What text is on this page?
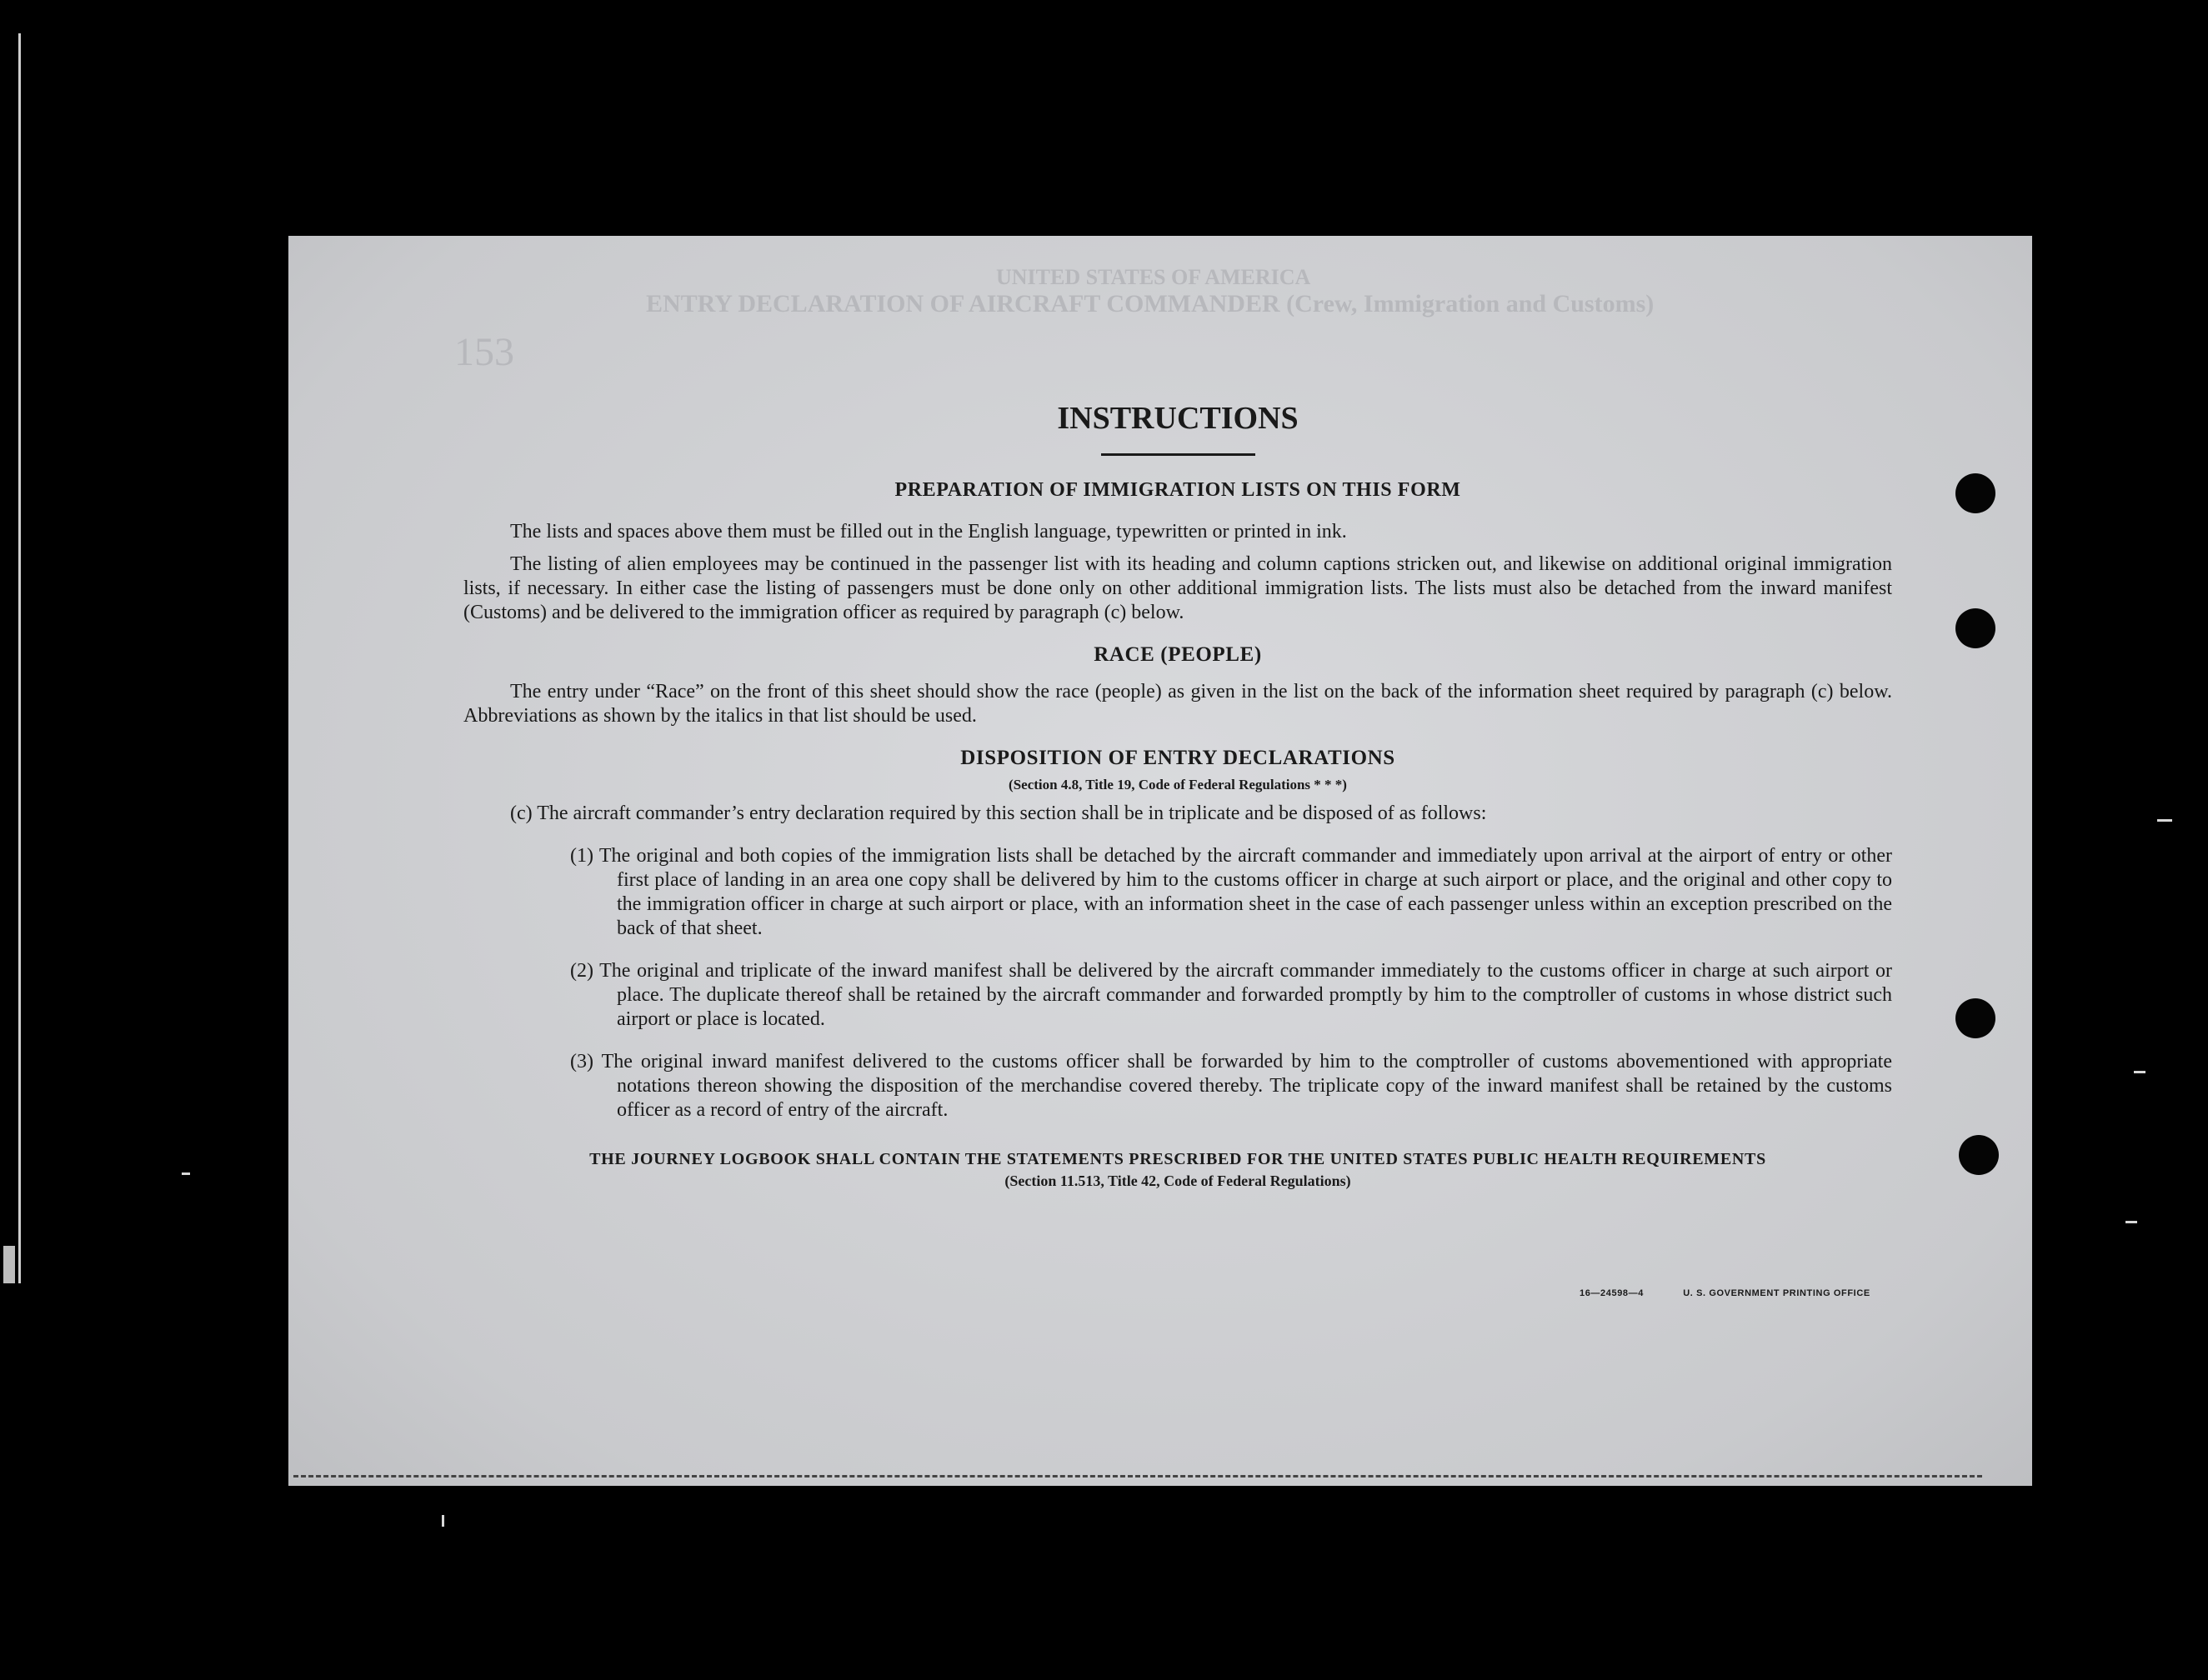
UNITED STATES OF AMERICA
ENTRY DECLARATION OF AIRCRAFT COMMANDER (Crew, Immigration and Customs)
153
INSTRUCTIONS
PREPARATION OF IMMIGRATION LISTS ON THIS FORM

The lists and spaces above them must be filled out in the English language, typewritten or printed in ink.

The listing of alien employees may be continued in the passenger list with its heading and column captions stricken out, and likewise on additional original immigration lists, if necessary. In either case the listing of passengers must be done only on other additional immigration lists. The lists must also be detached from the inward manifest (Customs) and be delivered to the immigration officer as required by paragraph (c) below.

RACE (PEOPLE)

The entry under “Race” on the front of this sheet should show the race (people) as given in the list on the back of the information sheet required by paragraph (c) below. Abbreviations as shown by the italics in that list should be used.

DISPOSITION OF ENTRY DECLARATIONS
(Section 4.8, Title 19, Code of Federal Regulations * * *)

(c) The aircraft commander’s entry declaration required by this section shall be in triplicate and be disposed of as follows:

(1) The original and both copies of the immigration lists shall be detached by the aircraft commander and immediately upon arrival at the airport of entry or other first place of landing in an area one copy shall be delivered by him to the customs officer in charge at such airport or place, and the original and other copy to the immigration officer in charge at such airport or place, with an information sheet in the case of each passenger unless within an exception prescribed on the back of that sheet.

(2) The original and triplicate of the inward manifest shall be delivered by the aircraft commander immediately to the customs officer in charge at such airport or place. The duplicate thereof shall be retained by the aircraft commander and forwarded promptly by him to the comptroller of customs in whose district such airport or place is located.

(3) The original inward manifest delivered to the customs officer shall be forwarded by him to the comptroller of customs abovementioned with appropriate notations thereon showing the disposition of the merchandise covered thereby. The triplicate copy of the inward manifest shall be retained by the customs officer as a record of entry of the aircraft.

THE JOURNEY LOGBOOK SHALL CONTAIN THE STATEMENTS PRESCRIBED FOR THE UNITED STATES PUBLIC HEALTH REQUIREMENTS
(Section 11.513, Title 42, Code of Federal Regulations)
16—24598—4	U. S. GOVERNMENT PRINTING OFFICE
